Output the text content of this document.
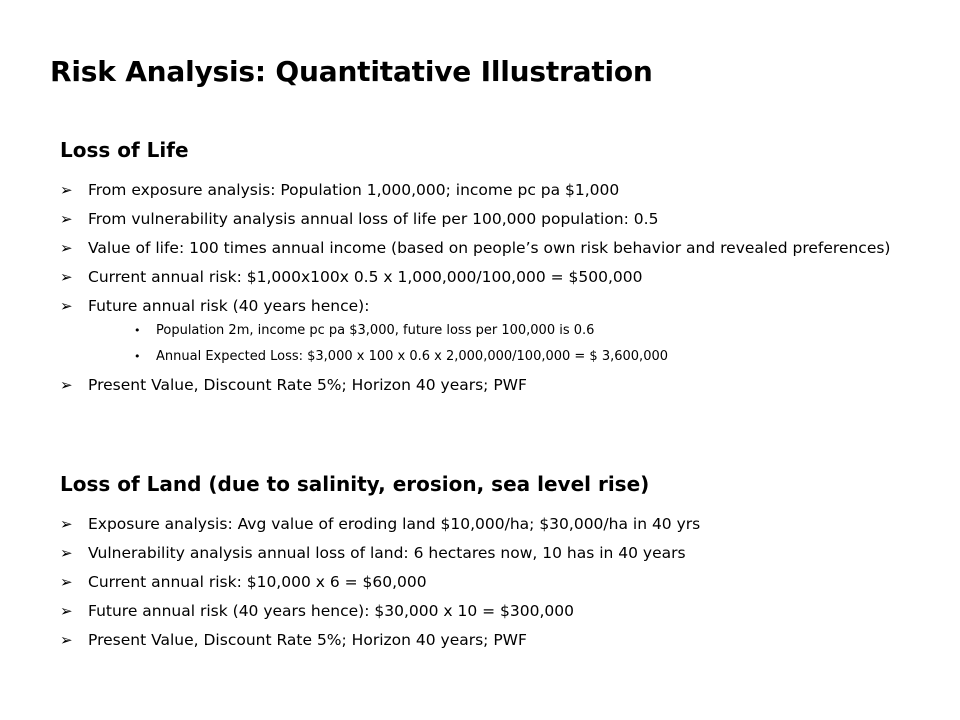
Risk Analysis: Quantitative Illustration
Loss of Life
➢ From exposure analysis: Population 1,000,000; income pc pa $1,000
➢ From vulnerability analysis annual loss of life per 100,000 population: 0.5
➢ Value of life: 100 times annual income (based on people’s own risk behavior and revealed preferences)
➢ Current annual risk: $1,000x100x 0.5 x 1,000,000/100,000 = $500,000
➢ Future annual risk (40 years hence):
• Population 2m, income pc pa $3,000, future loss per 100,000 is 0.6
• Annual Expected Loss: $3,000 x 100 x 0.6 x 2,000,000/100,000 = $ 3,600,000
➢ Present Value, Discount Rate 5%; Horizon 40 years; PWF
Loss of Land (due to salinity, erosion, sea level rise)
➢ Exposure analysis: Avg value of eroding land $10,000/ha; $30,000/ha in 40 yrs
➢ Vulnerability analysis annual loss of land: 6 hectares now, 10 has in 40 years
➢ Current annual risk: $10,000 x 6 = $60,000
➢ Future annual risk (40 years hence): $30,000 x 10 = $300,000
➢ Present Value, Discount Rate 5%; Horizon 40 years; PWF
